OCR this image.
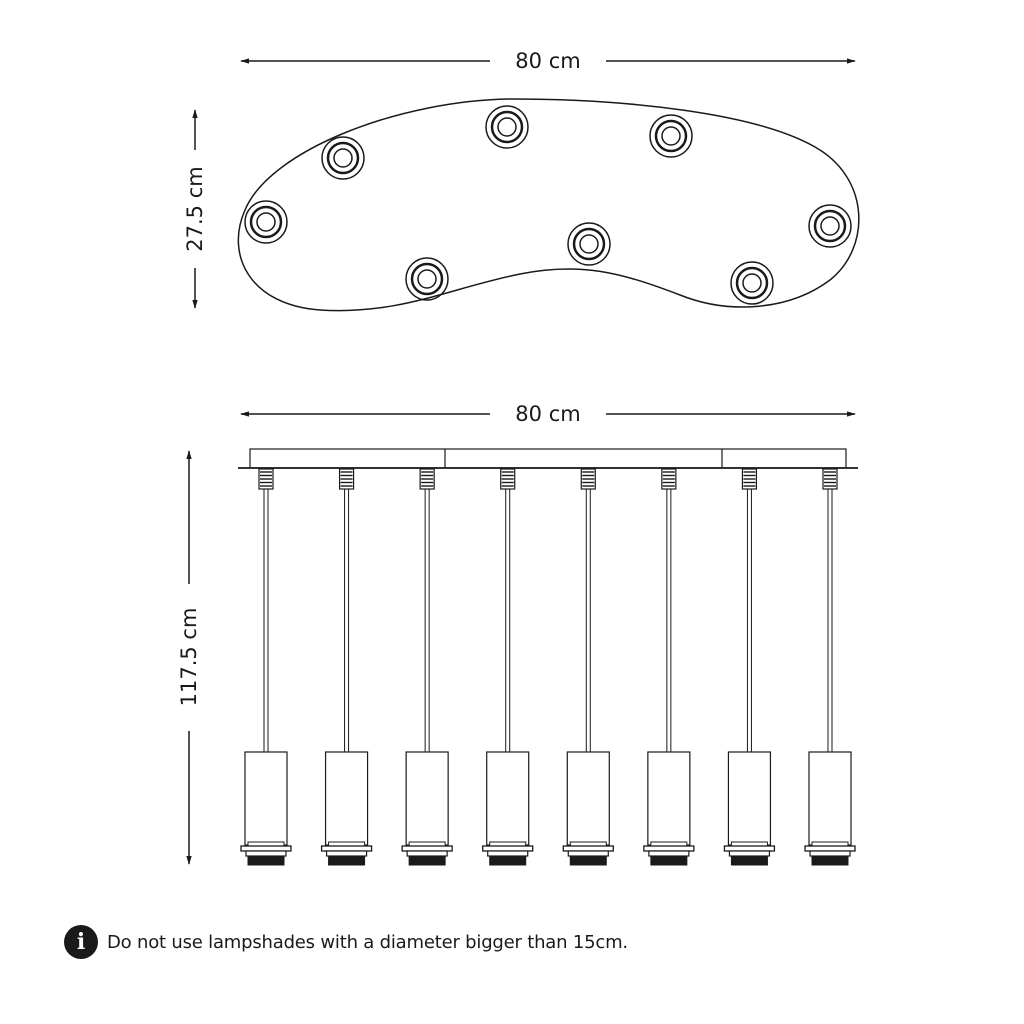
80 cm
27.5 cm
80 cm
117.5 cm
i	Do not use lampshades with a diameter bigger than 15cm.
